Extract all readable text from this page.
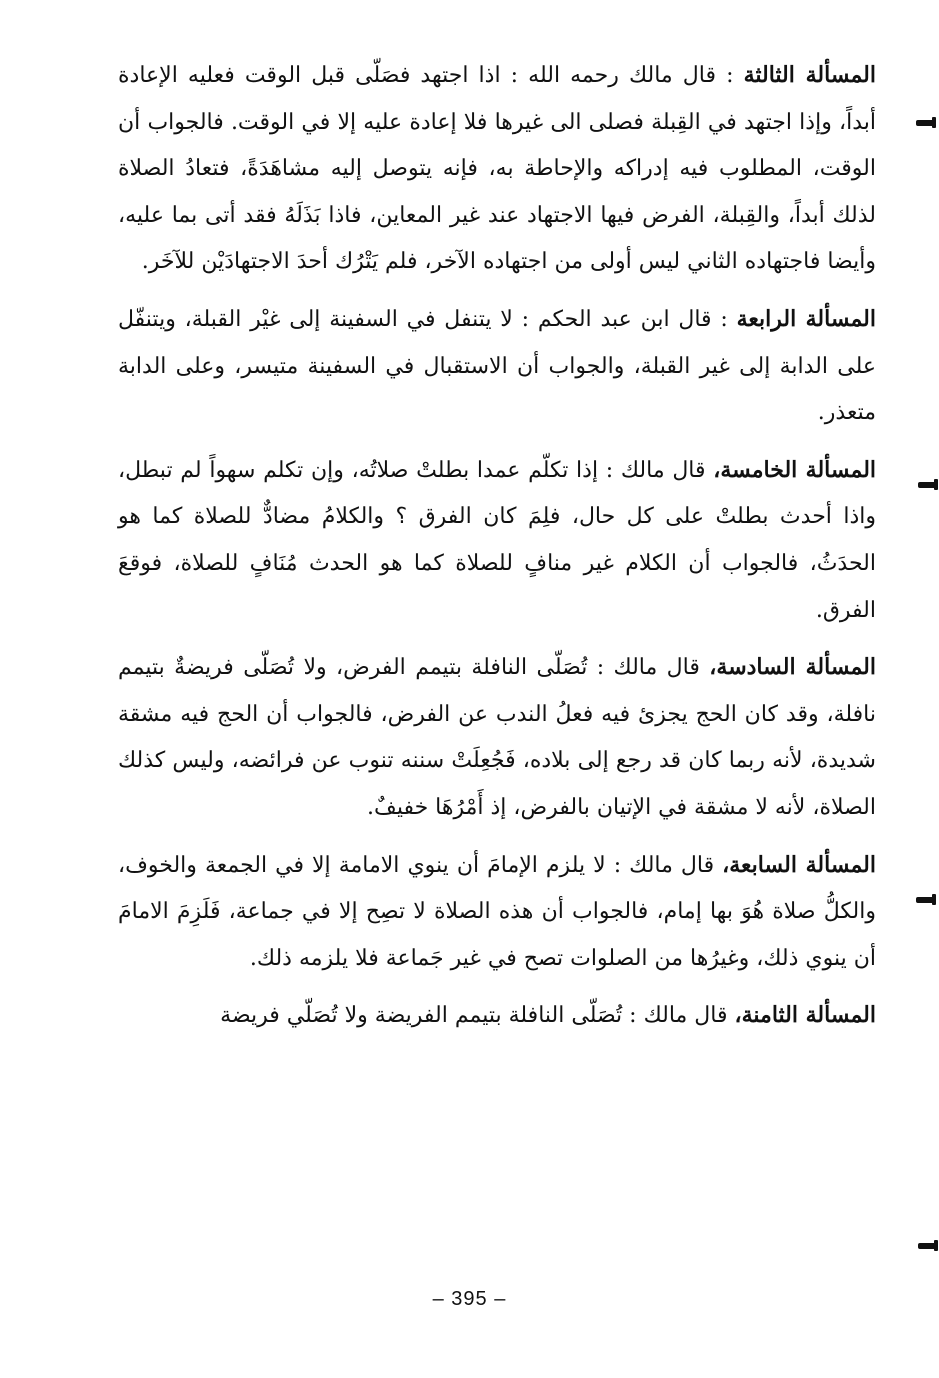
المسألة الثالثة : قال مالك رحمه الله : اذا اجتهد فصَلّى قبل الوقت فعليه الإعادة أبداً، وإذا اجتهد في القِبلة فصلى الى غيرها فلا إعادة عليه إلا في الوقت. فالجواب أن الوقت، المطلوب فيه إدراكه والإحاطة به، فإنه يتوصل إليه مشاهَدَةً، فتعادُ الصلاة لذلك أبداً، والقِبلة، الفرض فيها الاجتهاد عند غير المعاين، فاذا بَذَلَهُ فقد أتى بما عليه، وأيضا فاجتهاده الثاني ليس أولى من اجتهاده الآخر، فلم يَتْرُك أحدَ الاجتهادَيْن للآخَر.

المسألة الرابعة : قال ابن عبد الحكم : لا يتنفل في السفينة إلى غيْر القبلة، ويتنفّل على الدابة إلى غير القبلة، والجواب أن الاستقبال في السفينة متيسر، وعلى الدابة متعذر.

المسألة الخامسة، قال مالك : إذا تكلّم عمدا بطلتْ صلاتُه، وإن تكلم سهواً لم تبطل، واذا أحدث بطلتْ على كل حال، فلِمَ كان الفرق ؟ والكلامُ مضادٌّ للصلاة كما هو الحدَثُ، فالجواب أن الكلام غير منافٍ للصلاة كما هو الحدث مُنَافٍ للصلاة، فوقعَ الفرق.

المسألة السادسة، قال مالك : تُصَلّى النافلة بتيمم الفرض، ولا تُصَلّى فريضةٌ بتيمم نافلة، وقد كان الحج يجزئ فيه فعلُ الندب عن الفرض، فالجواب أن الحج فيه مشقة شديدة، لأنه ربما كان قد رجع إلى بلاده، فَجُعِلَتْ سننه تنوب عن فرائضه، وليس كذلك الصلاة، لأنه لا مشقة في الإتيان بالفرض، إذ أَمْرُهَا خفيفٌ.

المسألة السابعة، قال مالك : لا يلزم الإمامَ أن ينوي الامامة إلا في الجمعة والخوف، والكلُّ صلاة هُوَ بها إمام، فالجواب أن هذه الصلاة لا تصِح إلا في جماعة، فَلَزِمَ الامامَ أن ينوي ذلك، وغيرُها من الصلوات تصح في غير جَماعة فلا يلزمه ذلك.

المسألة الثامنة، قال مالك : تُصَلّى النافلة بتيمم الفريضة ولا تُصَلّي فريضة

– 395 –
